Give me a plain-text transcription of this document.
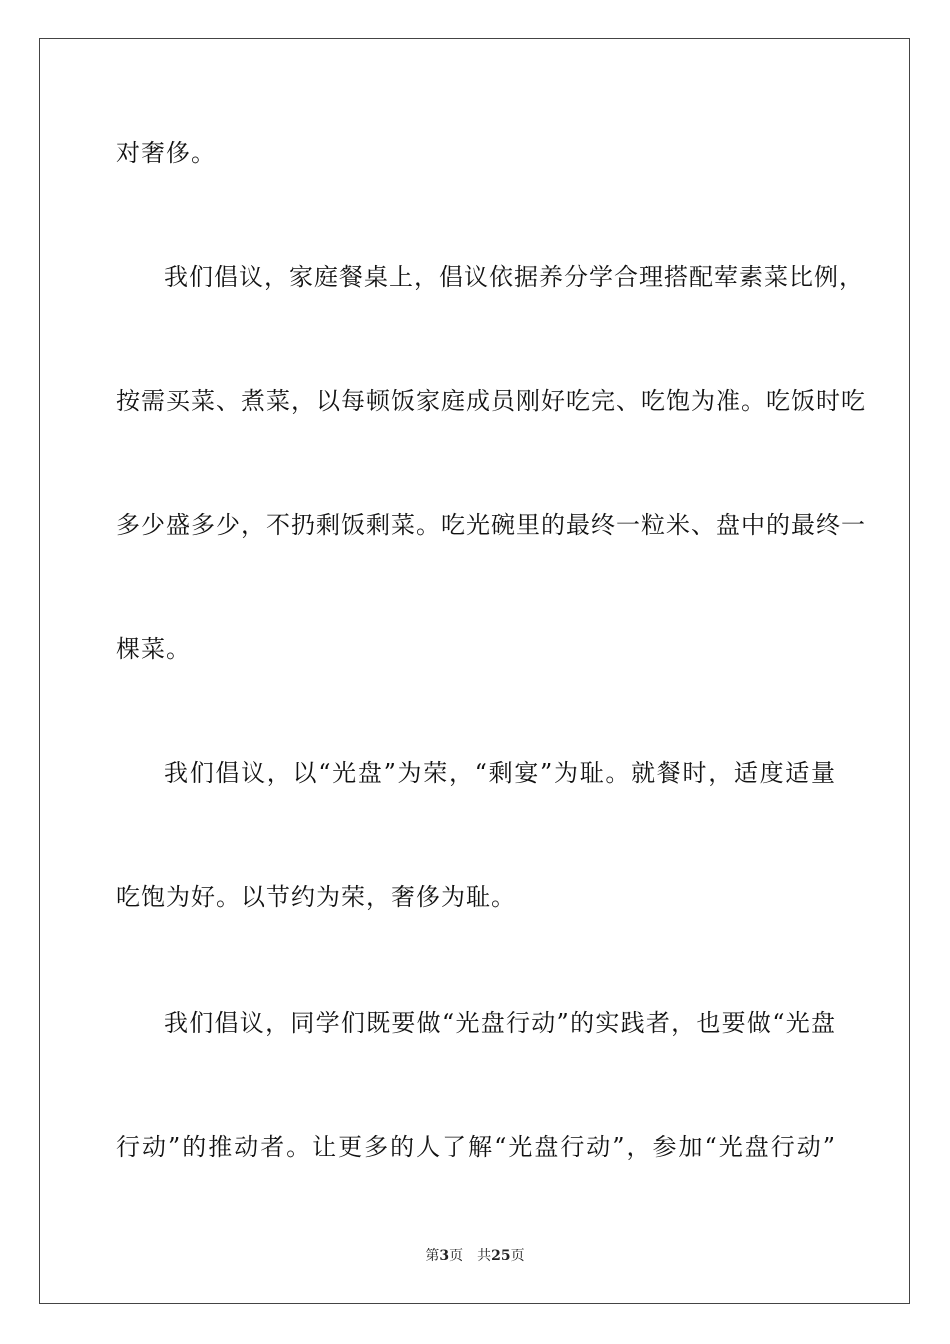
对奢侈。
我们倡议，家庭餐桌上，倡议依据养分学合理搭配荤素菜比例，
按需买菜、煮菜，以每顿饭家庭成员刚好吃完、吃饱为准。吃饭时吃
多少盛多少，不扔剩饭剩菜。吃光碗里的最终一粒米、盘中的最终一
棵菜。
我们倡议，以“光盘”为荣，“剩宴”为耻。就餐时，适度适量
吃饱为好。以节约为荣，奢侈为耻。
我们倡议，同学们既要做“光盘行动”的实践者，也要做“光盘
行动”的推动者。让更多的人了解“光盘行动”，参加“光盘行动”
第3页 共25页
